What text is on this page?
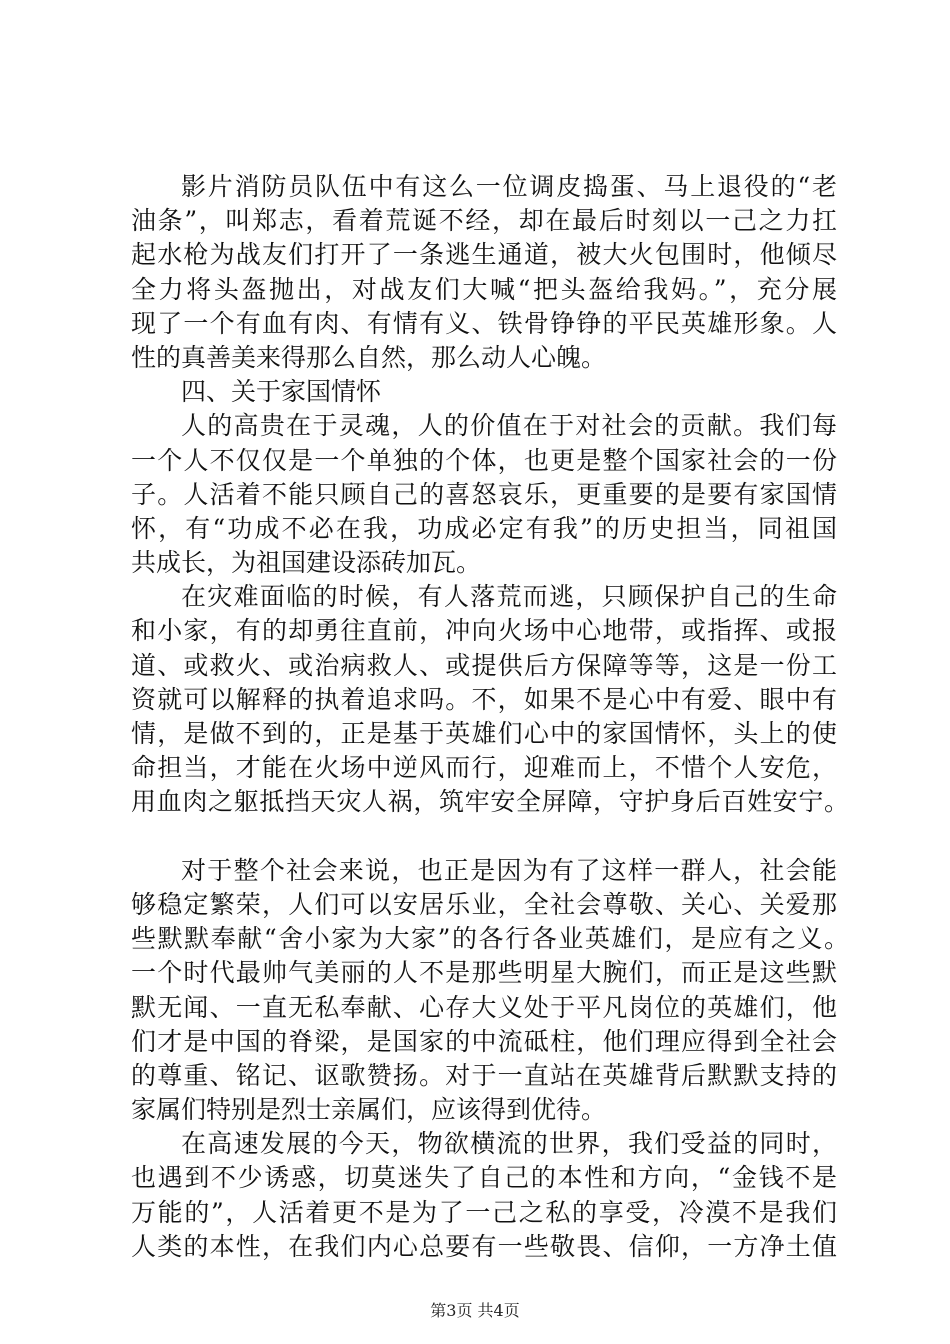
影片消防员队伍中有这么一位调皮捣蛋、马上退役的“老
油条”，叫郑志，看着荒诞不经，却在最后时刻以一己之力扛
起水枪为战友们打开了一条逃生通道，被大火包围时，他倾尽
全力将头盔抛出，对战友们大喊“把头盔给我妈。”，充分展
现了一个有血有肉、有情有义、铁骨铮铮的平民英雄形象。人
性的真善美来得那么自然，那么动人心魄。
四、关于家国情怀
人的高贵在于灵魂，人的价值在于对社会的贡献。我们每
一个人不仅仅是一个单独的个体，也更是整个国家社会的一份
子。人活着不能只顾自己的喜怒哀乐，更重要的是要有家国情
怀，有“功成不必在我，功成必定有我”的历史担当，同祖国
共成长，为祖国建设添砖加瓦。
在灾难面临的时候，有人落荒而逃，只顾保护自己的生命
和小家，有的却勇往直前，冲向火场中心地带，或指挥、或报
道、或救火、或治病救人、或提供后方保障等等，这是一份工
资就可以解释的执着追求吗。不，如果不是心中有爱、眼中有
情，是做不到的，正是基于英雄们心中的家国情怀，头上的使
命担当，才能在火场中逆风而行，迎难而上，不惜个人安危，
用血肉之躯抵挡天灾人祸，筑牢安全屏障，守护身后百姓安宁。
对于整个社会来说，也正是因为有了这样一群人，社会能
够稳定繁荣，人们可以安居乐业，全社会尊敬、关心、关爱那
些默默奉献“舍小家为大家”的各行各业英雄们，是应有之义。
一个时代最帅气美丽的人不是那些明星大腕们，而正是这些默
默无闻、一直无私奉献、心存大义处于平凡岗位的英雄们，他
们才是中国的脊梁，是国家的中流砥柱，他们理应得到全社会
的尊重、铭记、讴歌赞扬。对于一直站在英雄背后默默支持的
家属们特别是烈士亲属们，应该得到优待。
在高速发展的今天，物欲横流的世界，我们受益的同时，
也遇到不少诱惑，切莫迷失了自己的本性和方向，“金钱不是
万能的”，人活着更不是为了一己之私的享受，冷漠不是我们
人类的本性，在我们内心总要有一些敬畏、信仰，一方净土值
第3页 共4页
